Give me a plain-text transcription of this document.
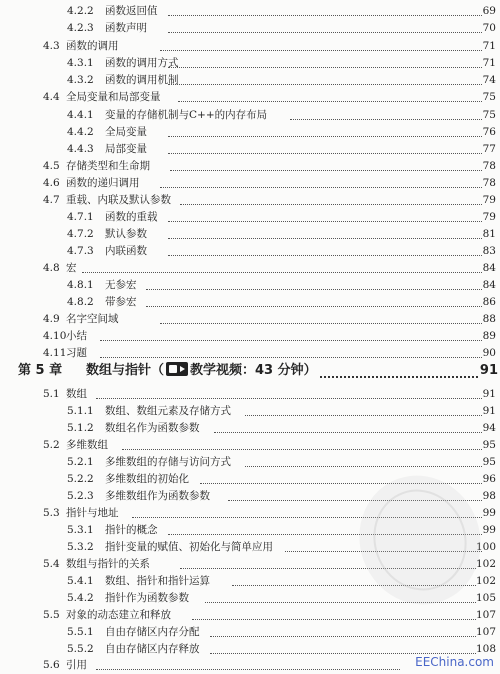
4.2.2 函数返回值	69
4.2.3 函数声明	70
4.3 函数的调用	71
4.3.1 函数的调用方式	71
4.3.2 函数的调用机制	74
4.4 全局变量和局部变量	75
4.4.1 变量的存储机制与C++的内存布局	75
4.4.2 全局变量	76
4.4.3 局部变量	77
4.5 存储类型和生命期	78
4.6 函数的递归调用	78
4.7 重载、内联及默认参数	79
4.7.1 函数的重载	79
4.7.2 默认参数	81
4.7.3 内联函数	83
4.8 宏	84
4.8.1 无参宏	84
4.8.2 带参宏	86
4.9 名字空间域	88
4.10 小结	89
4.11 习题	90
第 5 章 数组与指针（ 教学视频：43 分钟）	91
5.1 数组	91
5.1.1 数组、数组元素及存储方式	91
5.1.2 数组名作为函数参数	94
5.2 多维数组	95
5.2.1 多维数组的存储与访问方式	95
5.2.2 多维数组的初始化	96
5.2.3 多维数组作为函数参数	98
5.3 指针与地址	99
5.3.1 指针的概念	99
5.3.2 指针变量的赋值、初始化与简单应用	100
5.4 数组与指针的关系	102
5.4.1 数组、指针和指针运算	102
5.4.2 指针作为函数参数	105
5.5 对象的动态建立和释放	107
5.5.1 自由存储区内存分配	107
5.5.2 自由存储区内存释放	108
5.6 引用	EEChina.com
